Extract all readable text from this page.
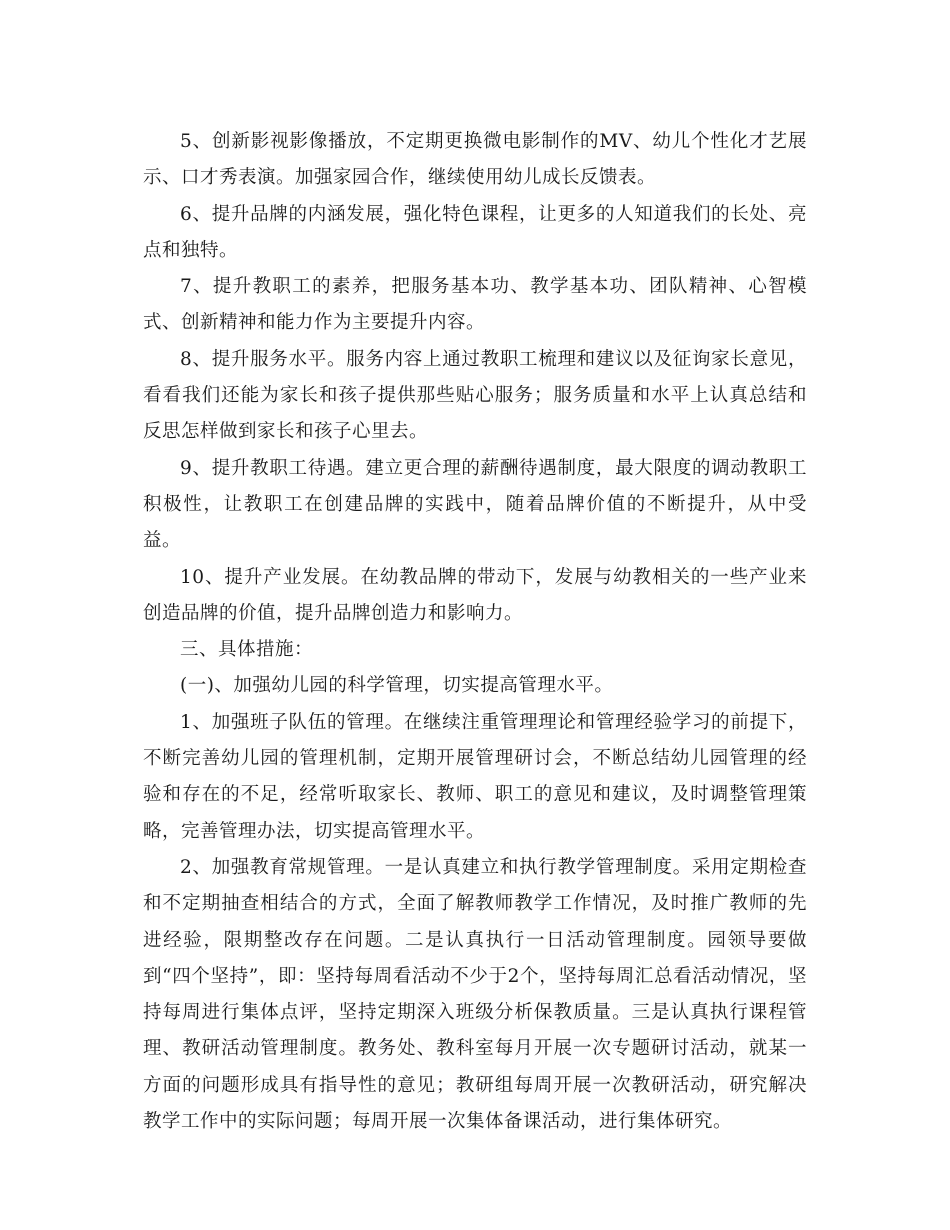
5、创新影视影像播放，不定期更换微电影制作的MV、幼儿个性化才艺展示、口才秀表演。加强家园合作，继续使用幼儿成长反馈表。

6、提升品牌的内涵发展，强化特色课程，让更多的人知道我们的长处、亮点和独特。

7、提升教职工的素养，把服务基本功、教学基本功、团队精神、心智模式、创新精神和能力作为主要提升内容。

8、提升服务水平。服务内容上通过教职工梳理和建议以及征询家长意见，看看我们还能为家长和孩子提供那些贴心服务；服务质量和水平上认真总结和反思怎样做到家长和孩子心里去。

9、提升教职工待遇。建立更合理的薪酬待遇制度，最大限度的调动教职工积极性，让教职工在创建品牌的实践中，随着品牌价值的不断提升，从中受益。

10、提升产业发展。在幼教品牌的带动下，发展与幼教相关的一些产业来创造品牌的价值，提升品牌创造力和影响力。

三、具体措施：

(一)、加强幼儿园的科学管理，切实提高管理水平。

1、加强班子队伍的管理。在继续注重管理理论和管理经验学习的前提下，不断完善幼儿园的管理机制，定期开展管理研讨会，不断总结幼儿园管理的经验和存在的不足，经常听取家长、教师、职工的意见和建议，及时调整管理策略，完善管理办法，切实提高管理水平。

2、加强教育常规管理。一是认真建立和执行教学管理制度。采用定期检查和不定期抽查相结合的方式，全面了解教师教学工作情况，及时推广教师的先进经验，限期整改存在问题。二是认真执行一日活动管理制度。园领导要做到“四个坚持”，即：坚持每周看活动不少于2个，坚持每周汇总看活动情况，坚持每周进行集体点评，坚持定期深入班级分析保教质量。三是认真执行课程管理、教研活动管理制度。教务处、教科室每月开展一次专题研讨活动，就某一方面的问题形成具有指导性的意见；教研组每周开展一次教研活动，研究解决教学工作中的实际问题；每周开展一次集体备课活动，进行集体研究。
